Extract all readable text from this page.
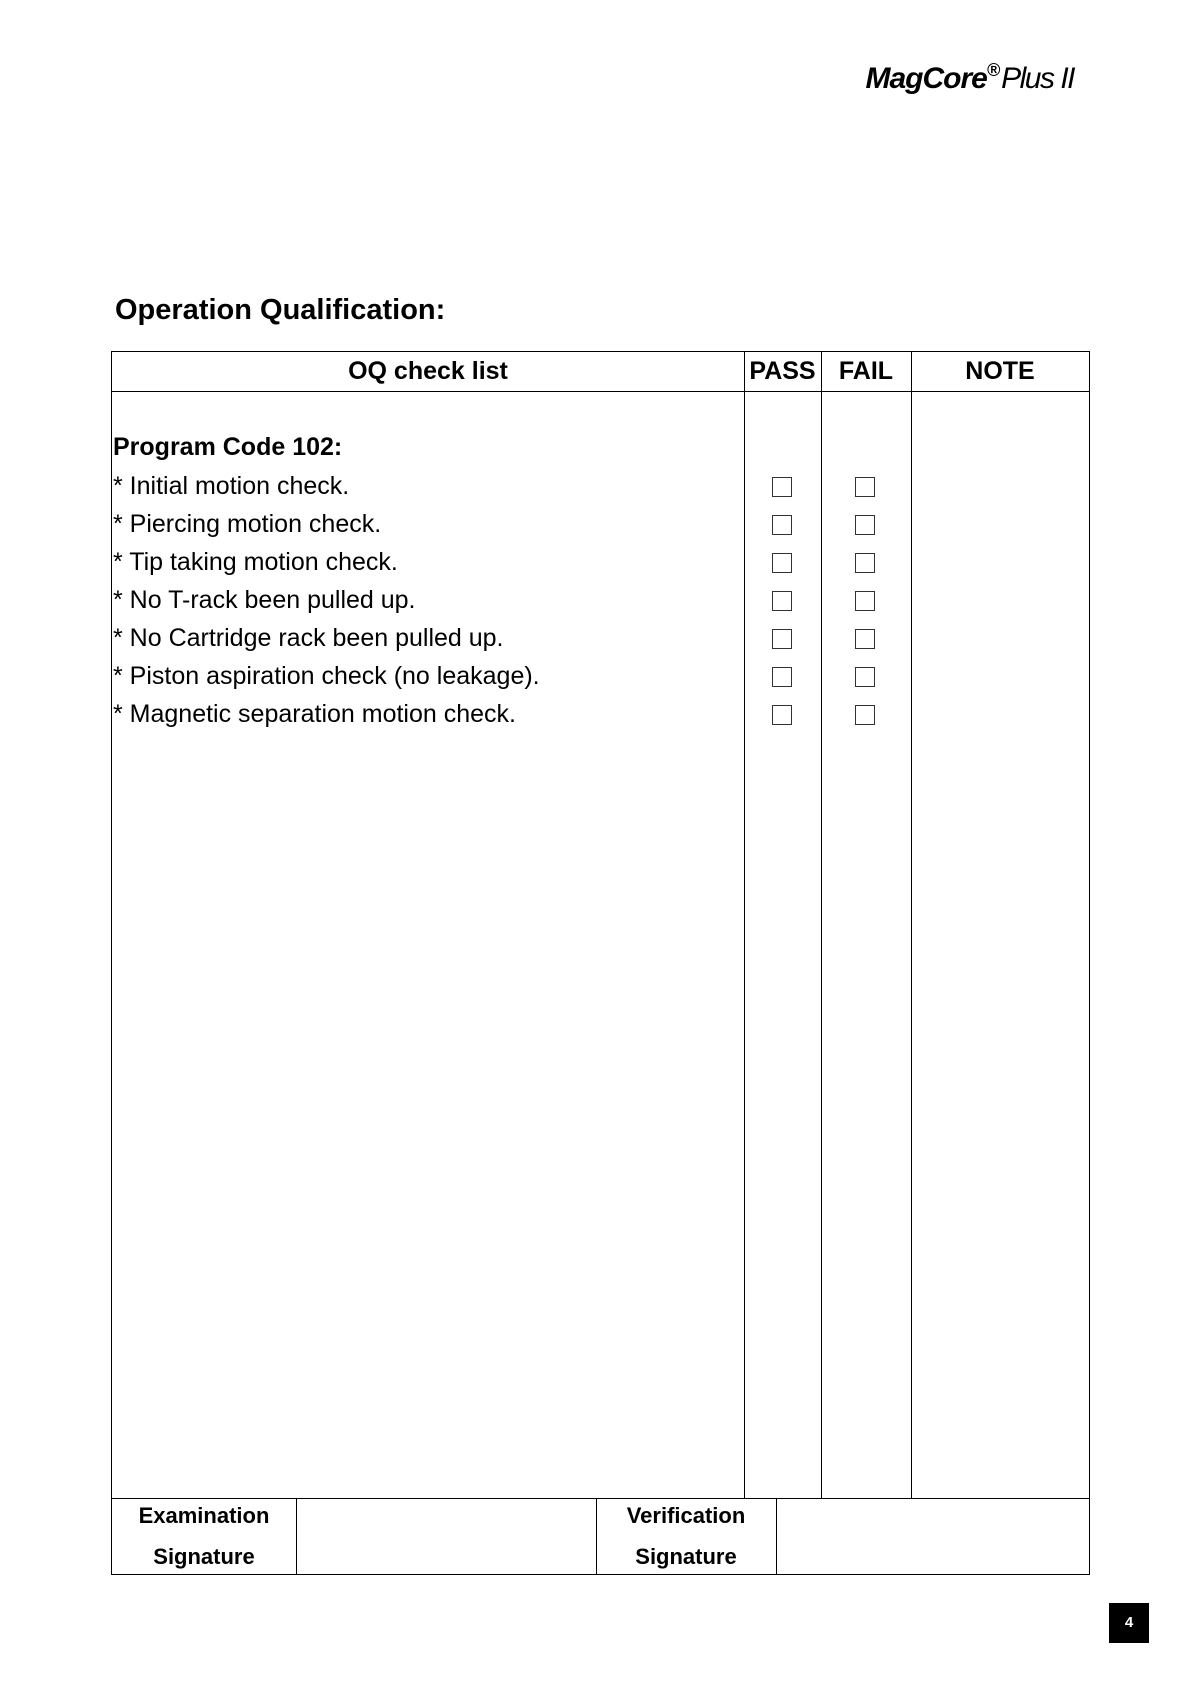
MagCore®Plus II
Operation Qualification:
OQ check list	PASS FAIL	NOTE
Program Code 102:
* Initial motion check.
* Piercing motion check.
* Tip taking motion check.
* No T-rack been pulled up.
* No Cartridge rack been pulled up.
* Piston aspiration check (no leakage).
* Magnetic separation motion check.
Examination
Signature
Verification
Signature
4
